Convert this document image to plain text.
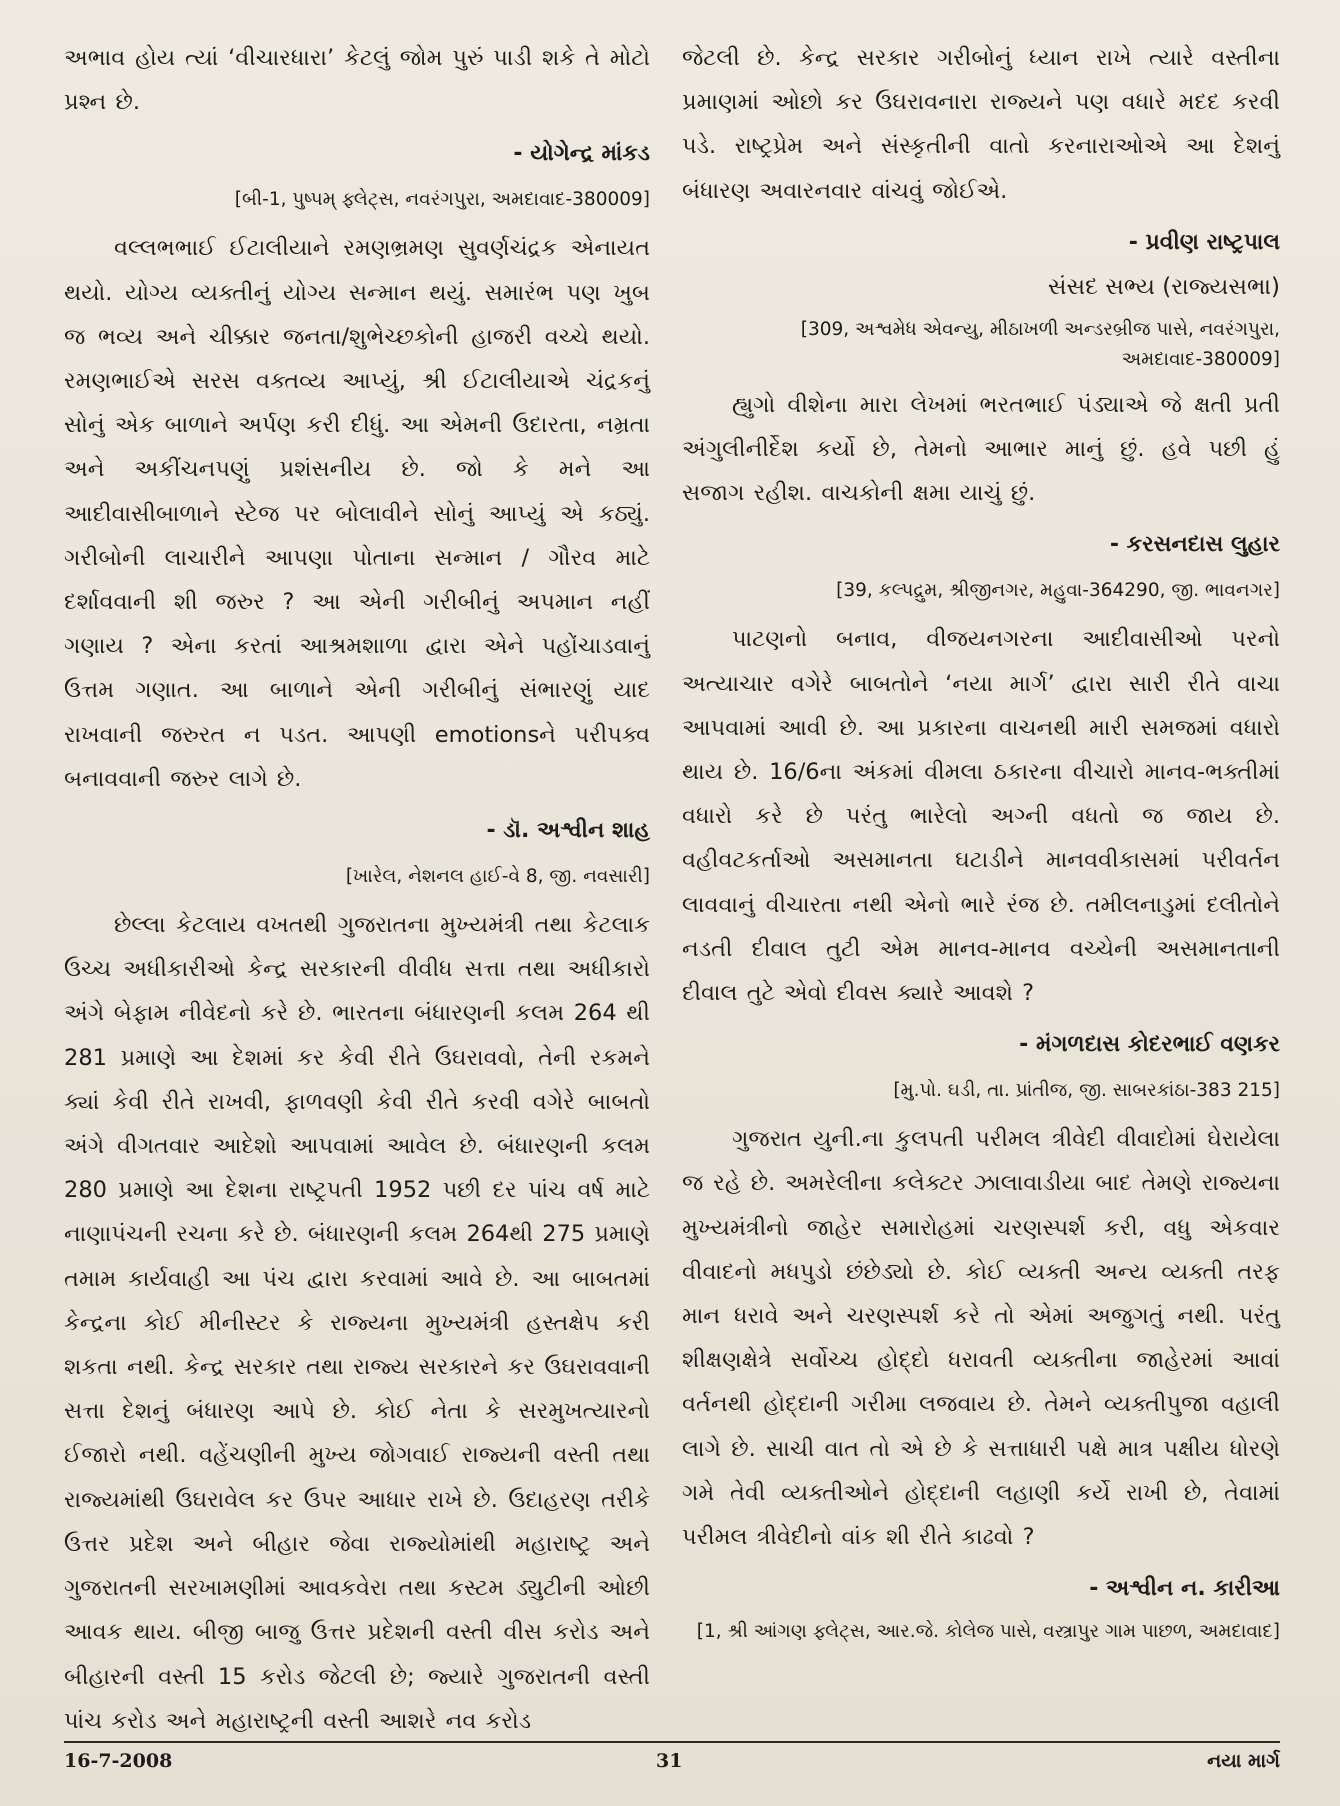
અભાવ હોય ત્યાં ‘વીચારધારા’ કેટલું જોમ પુરું પાડી શકે તે મોટો પ્રશ્ન છે.

- યોગેન્દ્ર માંકડ

[બી-1, પુષ્પમ્ ફ્લેટ્સ, નવરંગપુરા, અમદાવાદ-380009]

વલ્લભભાઈ ઈટાલીયાને રમણભ્રમણ સુવર્ણચંદ્રક એનાયત થયો. યોગ્ય વ્યક્તીનું યોગ્ય સન્માન થયું. સમારંભ પણ ખુબ જ ભવ્ય અને ચીક્કાર જનતા/શુભેચ્છકોની હાજરી વચ્ચે થયો. રમણભાઈએ સરસ વક્તવ્ય આપ્યું, શ્રી ઈટાલીયાએ ચંદ્રકનું સોનું એક બાળાને અર્પણ કરી દીધું. આ એમની ઉદારતા, નમ્રતા અને અકીંચનપણું પ્રશંસનીય છે. જો કે મને આ આદીવાસીબાળાને સ્ટેજ પર બોલાવીને સોનું આપ્યું એ કઠ્યું. ગરીબોની લાચારીને આપણા પોતાના સન્માન / ગૌરવ માટે દર્શાવવાની શી જરુર ? આ એની ગરીબીનું અપમાન નહીં ગણાય ? એના કરતાં આશ્રમશાળા દ્વારા એને પહોંચાડવાનું ઉત્તમ ગણાત. આ બાળાને એની ગરીબીનું સંભારણું યાદ રાખવાની જરુરત ન પડત. આપણી emotionsને પરીપક્વ બનાવવાની જરુર લાગે છે.

- ડૉ. અશ્વીન શાહ

[ખારેલ, નેશનલ હાઈ-વે 8, જી. નવસારી]

છેલ્લા કેટલાય વખતથી ગુજરાતના મુખ્યમંત્રી તથા કેટલાક ઉચ્ચ અધીકારીઓ કેન્દ્ર સરકારની વીવીધ સત્તા તથા અધીકારો અંગે બેફામ નીવેદનો કરે છે. ભારતના બંધારણની કલમ 264 થી 281 પ્રમાણે આ દેશમાં કર કેવી રીતે ઉઘરાવવો, તેની રકમને ક્યાં કેવી રીતે રાખવી, ફાળવણી કેવી રીતે કરવી વગેરે બાબતો અંગે વીગતવાર આદેશો આપવામાં આવેલ છે. બંધારણની કલમ 280 પ્રમાણે આ દેશના રાષ્ટ્રપતી 1952 પછી દર પાંચ વર્ષ માટે નાણાપંચની રચના કરે છે. બંધારણની કલમ 264થી 275 પ્રમાણે તમામ કાર્યવાહી આ પંચ દ્વારા કરવામાં આવે છે. આ બાબતમાં કેન્દ્રના કોઈ મીનીસ્ટર કે રાજ્યના મુખ્યમંત્રી હસ્તક્ષેપ કરી શકતા નથી. કેન્દ્ર સરકાર તથા રાજ્ય સરકારને કર ઉઘરાવવાની સત્તા દેશનું બંધારણ આપે છે. કોઈ નેતા કે સરમુખત્યારનો ઈજારો નથી. વહેંચણીની મુખ્ય જોગવાઈ રાજ્યની વસ્તી તથા રાજ્યમાંથી ઉઘરાવેલ કર ઉપર આધાર રાખે છે. ઉદાહરણ તરીકે ઉત્તર પ્રદેશ અને બીહાર જેવા રાજ્યોમાંથી મહારાષ્ટ્ર અને ગુજરાતની સરખામણીમાં આવકવેરા તથા કસ્ટમ ડ્યુટીની ઓછી આવક થાય. બીજી બાજુ ઉત્તર પ્રદેશની વસ્તી વીસ કરોડ અને બીહારની વસ્તી 15 કરોડ જેટલી છે; જ્યારે ગુજરાતની વસ્તી પાંચ કરોડ અને મહારાષ્ટ્રની વસ્તી આશરે નવ કરોડ

જેટલી છે. કેન્દ્ર સરકાર ગરીબોનું ધ્યાન રાખે ત્યારે વસ્તીના પ્રમાણમાં ઓછો કર ઉઘરાવનારા રાજ્યને પણ વધારે મદદ કરવી પડે. રાષ્ટ્રપ્રેમ અને સંસ્કૃતીની વાતો કરનારાઓએ આ દેશનું બંધારણ અવારનવાર વાંચવું જોઈએ.

- પ્રવીણ રાષ્ટ્રપાલ

સંસદ સભ્ય (રાજ્યસભા)

[309, અશ્વમેધ એવન્યુ, મીઠાખળી અન્ડરબ્રીજ પાસે, નવરંગપુરા, અમદાવાદ-380009]

હ્યુગો વીશેના મારા લેખમાં ભરતભાઈ પંડ્યાએ જે ક્ષતી પ્રતી અંગુલીનીર્દેશ કર્યો છે, તેમનો આભાર માનું છું. હવે પછી હું સજાગ રહીશ. વાચકોની ક્ષમા યાચું છું.

- કરસનદાસ લુહાર

[39, કલ્પદ્રુમ, શ્રીજીનગર, મહુવા-364290, જી. ભાવનગર]

પાટણનો બનાવ, વીજયનગરના આદીવાસીઓ પરનો અત્યાચાર વગેરે બાબતોને ‘નયા માર્ગ’ દ્વારા સારી રીતે વાચા આપવામાં આવી છે. આ પ્રકારના વાચનથી મારી સમજમાં વધારો થાય છે. 16/6ના અંકમાં વીમલા ઠકારના વીચારો માનવ-ભક્તીમાં વધારો કરે છે પરંતુ ભારેલો અગ્ની વધતો જ જાય છે. વહીવટકર્તાઓ અસમાનતા ઘટાડીને માનવવીકાસમાં પરીવર્તન લાવવાનું વીચારતા નથી એનો ભારે રંજ છે. તમીલનાડુમાં દલીતોને નડતી દીવાલ તુટી એમ માનવ-માનવ વચ્ચેની અસમાનતાની દીવાલ તુટે એવો દીવસ ક્યારે આવશે ?

- મંગળદાસ કોદરભાઈ વણકર

[મુ.પો. ઘડી, તા. પ્રાંતીજ, જી. સાબરકાંઠા-383 215]

ગુજરાત યુની.ના કુલપતી પરીમલ ત્રીવેદી વીવાદોમાં ઘેરાયેલા જ રહે છે. અમરેલીના કલેક્ટર ઝાલાવાડીયા બાદ તેમણે રાજ્યના મુખ્યમંત્રીનો જાહેર સમારોહમાં ચરણસ્પર્શ કરી, વધુ એકવાર વીવાદનો મધપુડો છંછેડ્યો છે. કોઈ વ્યક્તી અન્ય વ્યક્તી તરફ માન ધરાવે અને ચરણસ્પર્શ કરે તો એમાં અજુગતું નથી. પરંતુ શીક્ષણક્ષેત્રે સર્વોચ્ચ હોદ્દો ધરાવતી વ્યક્તીના જાહેરમાં આવાં વર્તનથી હોદ્દાની ગરીમા લજવાય છે. તેમને વ્યક્તીપુજા વહાલી લાગે છે. સાચી વાત તો એ છે કે સત્તાધારી પક્ષે માત્ર પક્ષીય ધોરણે ગમે તેવી વ્યક્તીઓને હોદ્દાની લહાણી કર્યે રાખી છે, તેવામાં પરીમલ ત્રીવેદીનો વાંક શી રીતે કાઢવો ?

- અશ્વીન ન. કારીઆ

[1, શ્રી આંગણ ફ્લેટ્સ, આર.જે. કોલેજ પાસે, વસ્ત્રાપુર ગામ પાછળ, અમદાવાદ]

16-7-2008	31	નયા માર્ગ
